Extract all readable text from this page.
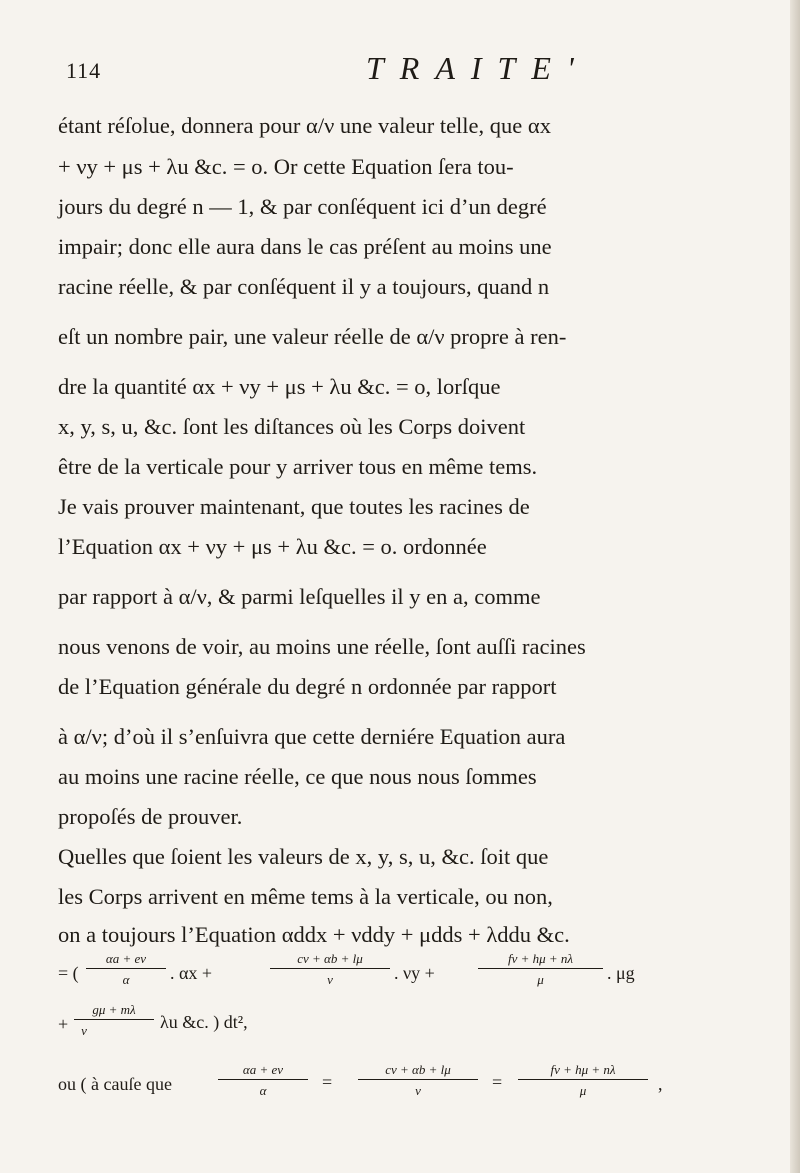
114	TRAITE'
étant réſolue, donnera pour α/ν une valeur telle, que αx
+ νy + μs + λu &c. = o. Or cette Equation ſera tou-
jours du degré n — 1, & par conſéquent ici d’un degré
impair; donc elle aura dans le cas préſent au moins une
racine réelle, & par conſéquent il y a toujours, quand n
eſt un nombre pair, une valeur réelle de α/ν propre à ren-
dre la quantité αx + νy + μs + λu &c. = o, lorſque
x, y, s, u, &c. ſont les diſtances où les Corps doivent
être de la verticale pour y arriver tous en même tems.
Je vais prouver maintenant, que toutes les racines de
l’Equation αx + νy + μs + λu &c. = o. ordonnée
par rapport à α/ν, & parmi leſquelles il y en a, comme
nous venons de voir, au moins une réelle, ſont auſſi racines
de l’Equation générale du degré n ordonnée par rapport
à α/ν; d’où il s’enſuivra que cette derniére Equation aura
au moins une racine réelle, ce que nous nous ſommes
propoſés de prouver.
Quelles que ſoient les valeurs de x, y, s, u, &c. ſoit que
les Corps arrivent en même tems à la verticale, ou non,
on a toujours l’Equation αddx + νddy + μdds + λddu &c.
= (
αa + eν
α	. αx +
cν + αb + lμ
ν	. νy +
fν + hμ + nλ
μ	. μg
+
gμ + mλ
ν	λu &c. ) dt²,
ou ( à cauſe que
αa + eν
α	=
cν + αb + lμ
ν	=
fν + hμ + nλ
μ	,
